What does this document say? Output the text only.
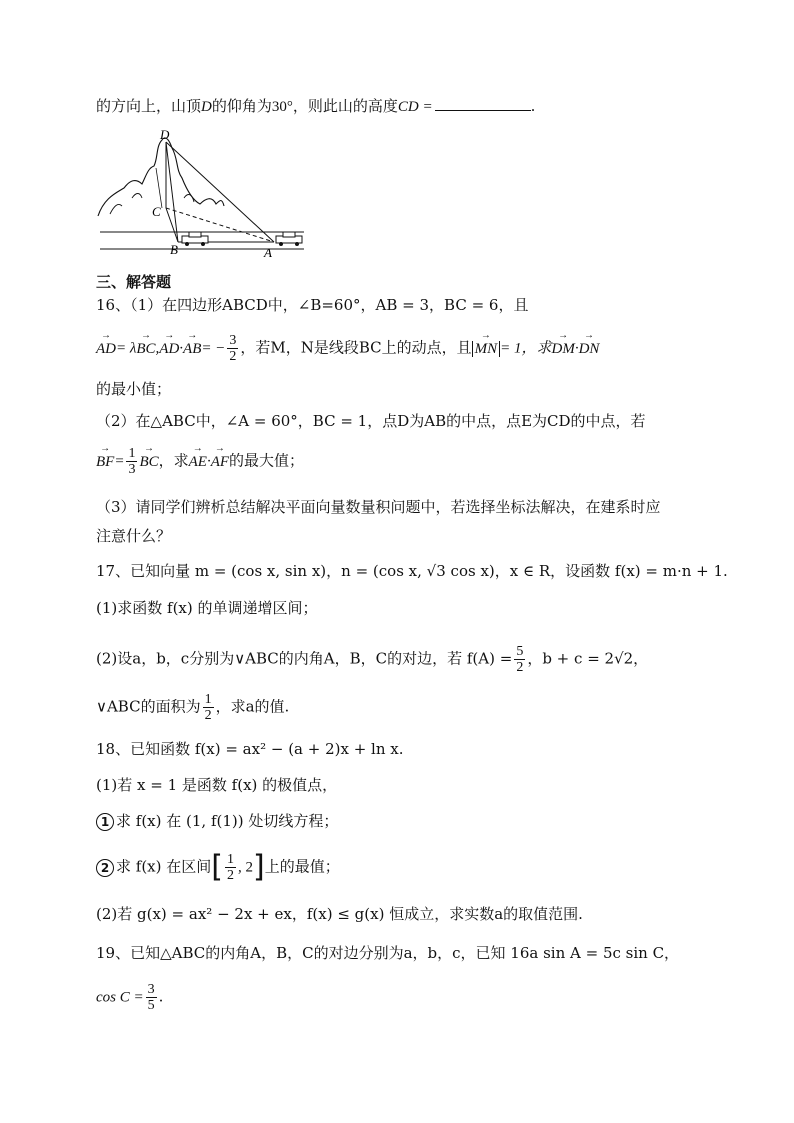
的方向上，山顶D的仰角为30°，则此山的高度CD =	.
D
C
B	A
三、解答题
16、（1）在四边形ABCD中，∠B=60°，AB = 3，BC = 6，且
→ $AD= \lambda\to BC,\to AD\cdot\to AB= - \frac{3}{2}$ ，若M，N是线段BC上的动点，且 → MN = 1，求→ DM·→ DN
的最小值；
（2）在△ABC中，∠A = 60°，BC = 1，点D为AB的中点，点E为CD的中点，若
→ $BF= \frac{1}{3}$ → BC，求→ AE·→ AF的最大值；
（3）请同学们辨析总结解决平面向量数量积问题中，若选择坐标法解决，在建系时应
注意什么？
17、已知向量 m = (cos x, sin x)，n = (cos x, √3 cos x)，x ∈ R，设函数 f(x) = m·n + 1.
(1)求函数 f(x) 的单调递增区间；
(2)设a，b，c分别为∨ABC的内角A，B，C的对边，若 $f(A) = \frac{5}{2}$ ，b + c = 2√2，
∨ABC的面积为 $\frac{1}{2}$ ，求a的值.
18、已知函数 f(x) = ax² − (a + 2)x + ln x.
(1)若 x = 1 是函数 f(x) 的极值点，
1 求 f(x) 在 (1, f(1)) 处切线方程；
2 求 f(x) 在区间[ $\frac{1}{2}$ , 2]上的最值；
(2)若 g(x) = ax² − 2x + ex，f(x) ≤ g(x) 恒成立，求实数a的取值范围.
19、已知△ABC的内角A，B，C的对边分别为a，b，c，已知 16a sin A = 5c sin C，
$\cos C = \frac{3}{5}$ .
